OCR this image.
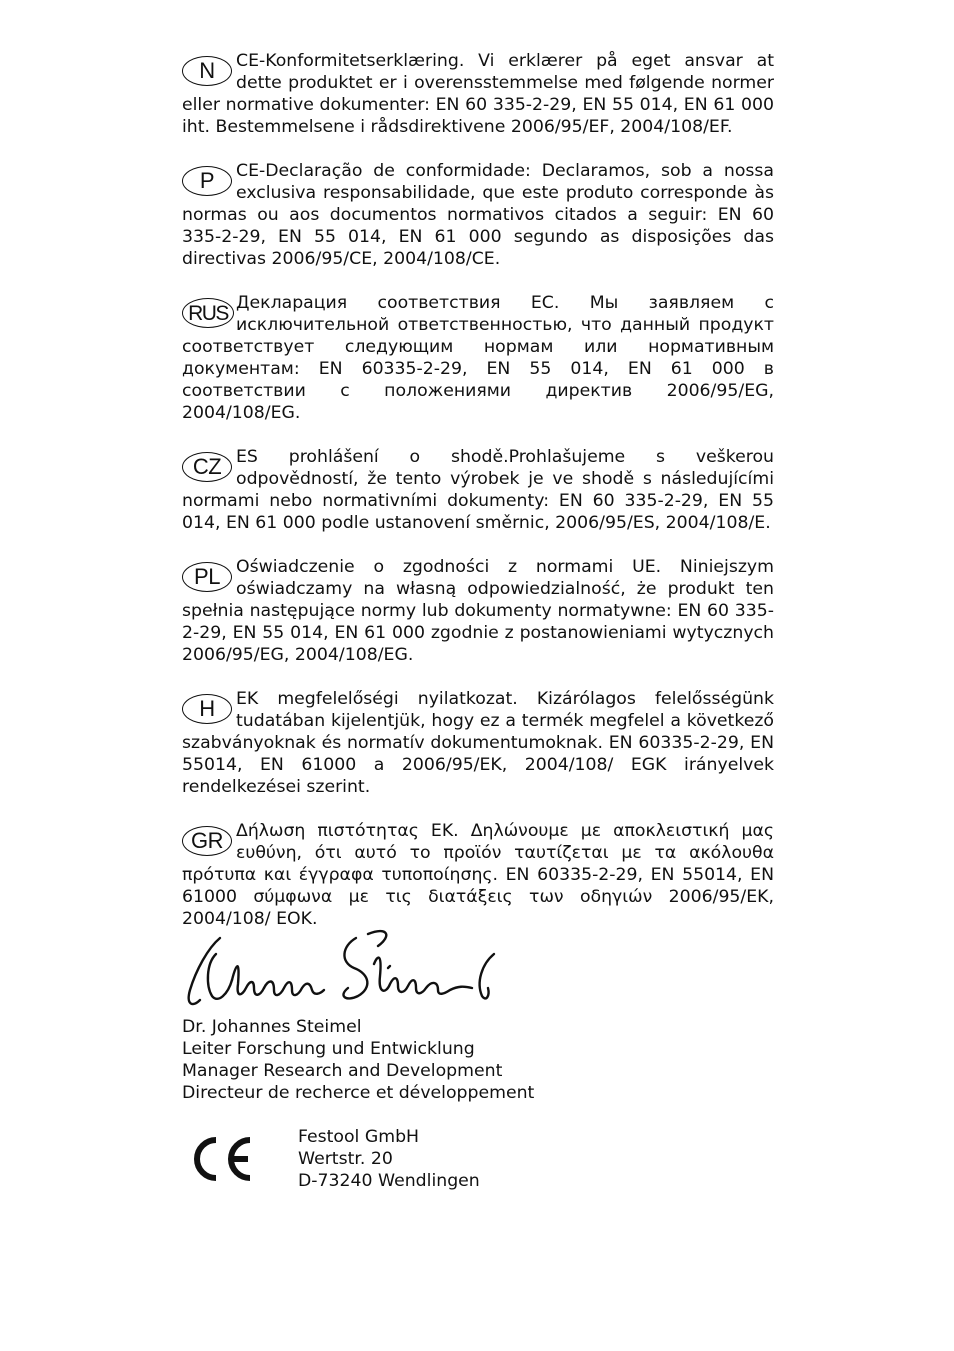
N	CE-Konformitetserklæring. Vi erklærer på eget ansvar at dette produktet er i overensstemmelse med følgende normer eller normative dokumenter: EN 60 335-2-29, EN 55 014, EN 61 000 iht. Bestemmelsene i rådsdirektivene 2006/95/EF, 2004/108/EF.
P	CE-Declaração de conformidade: Declaramos, sob a nossa exclusiva responsabilidade, que este produto corresponde às normas ou aos documentos normativos citados a seguir: EN 60 335-2-29, EN 55 014, EN 61 000 segundo as disposições das directivas 2006/95/CE, 2004/108/CE.
RUS Декларация соответствия ЕС. Мы заявляем с исключительной ответственностью, что данный продукт соответствует следующим нормам или нормативным документам: EN 60335-2-29, EN 55 014, EN 61 000 в соответствии с положениями директив 2006/95/EG, 2004/108/EG.
CZ ES prohlášení o shodě.Prohlašujeme s veškerou odpovědností, že tento výrobek je ve shodě s následujícími normami nebo normativními dokumenty: EN 60 335-2-29, EN 55 014, EN 61 000 podle ustanovení směrnic, 2006/95/ES, 2004/108/E.
PL Oświadczenie o zgodności z normami UE. Niniejszym oświadczamy na własną odpowiedzialność, że produkt ten spełnia następujące normy lub dokumenty normatywne: EN 60 335-2-29, EN 55 014, EN 61 000 zgodnie z postanowieniami wytycznych 2006/95/EG, 2004/108/EG.
H	EK megfelelőségi nyilatkozat. Kizárólagos felelősségünk tudatában kijelentjük, hogy ez a termék megfelel a következő szabványoknak és normatív dokumentumoknak. EN 60335-2-29, EN 55014, EN 61000 a 2006/95/EK, 2004/108/ EGK irányelvek rendelkezései szerint.
GR Δήλωση πιστότητας ΕΚ. Δηλώνουμε με αποκλειστική μας ευθύνη, ότι αυτό το προϊόν ταυτίζεται με τα ακόλουθα πρότυπα και έγγραφα τυποποίησης. EN 60335-2-29, EN 55014, EN 61000 σύμφωνα με τις διατάξεις των οδηγιών 2006/95/ΕΚ, 2004/108/ ΕΟΚ.
Dr. Johannes Steimel
Leiter Forschung und Entwicklung
Manager Research and Development
Directeur de recherce et développement
Festool GmbH
Wertstr. 20
D-73240 Wendlingen
